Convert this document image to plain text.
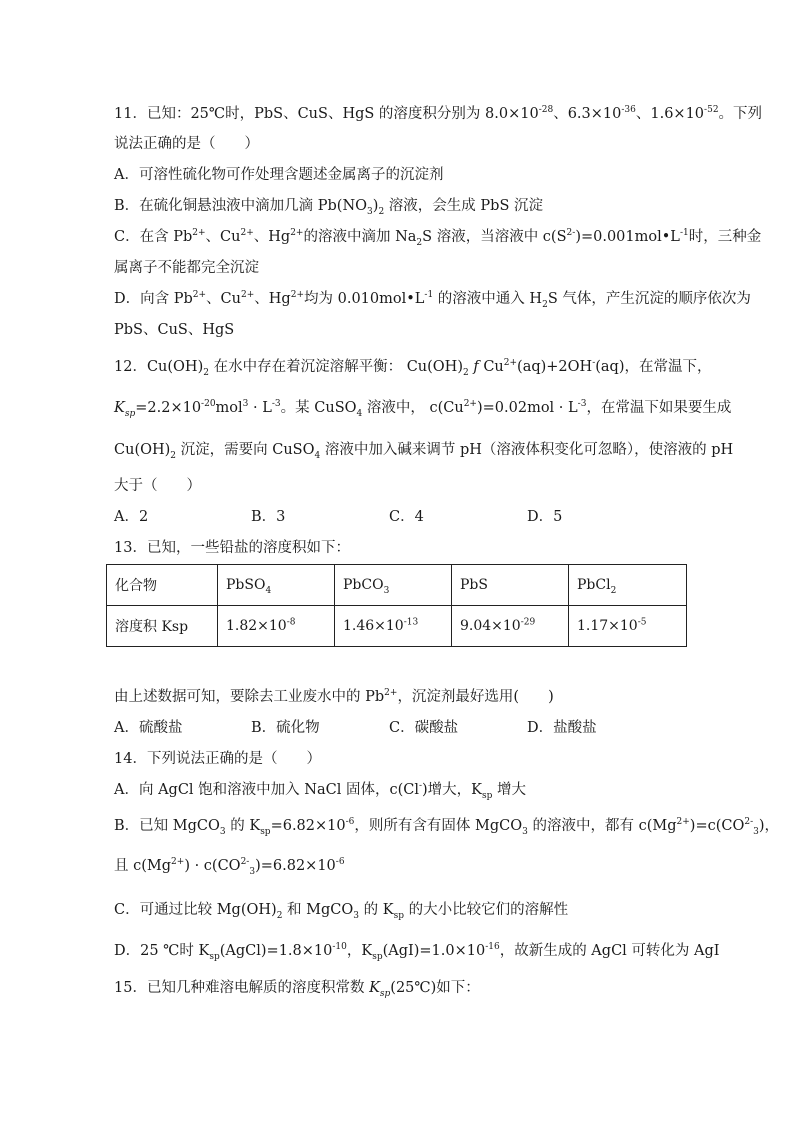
11．已知：25℃时，PbS、CuS、HgS 的溶度积分别为 $8.0\times 10^{-28}$、$6.3\times 10^{-36}$、$1.6\times 10^{-52}$。下列
说法正确的是（　　）
A．可溶性硫化物可作处理含题述金属离子的沉淀剂
B．在硫化铜悬浊液中滴加几滴 $Pb(NO_3)_2$ 溶液，会生成 PbS 沉淀
C．在含 $Pb^{2+}$、$Cu^{2+}$、$Hg^{2+}$的溶液中滴加 $Na_2S$ 溶液，当溶液中 $c(S^{2-})=0.001mol•L^{-1}$时，三种金
属离子不能都完全沉淀
D．向含 $Pb^{2+}$、$Cu^{2+}$、$Hg^{2+}$均为 $0.010mol•L^{-1}$ 的溶液中通入 $H_2S$ 气体，产生沉淀的顺序依次为
PbS、CuS、HgS
12．$Cu(OH)_2$ 在水中存在着沉淀溶解平衡： $Cu(OH)_2$ f $Cu^{2+}(aq)+2OH^-(aq)$，在常温下，
$K_{sp}=2.2\times 10^{-20}mol^3 \cdot L^{-3}$。某 CuSO$_4$ 溶液中， $c(Cu^{2+})=0.02mol \cdot L^{-3}$，在常温下如果要生成
$Cu(OH)_2$ 沉淀，需要向 CuSO$_4$ 溶液中加入碱来调节 pH（溶液体积变化可忽略），使溶液的 pH
大于（　　）
A．2	B．3	C．4	D．5
13．已知，一些铅盐的溶度积如下：
化合物	PbSO$_4$	PbCO$_3$	PbS	PbCl$_2$
溶度积 Ksp	$1.82\times 10^{-8}$	$1.46\times 10^{-13}$	$9.04\times 10^{-29}$	$1.17\times 10^{-5}$
由上述数据可知，要除去工业废水中的 $Pb^{2+}$，沉淀剂最好选用(　　)
A．硫酸盐	B．硫化物	C．碳酸盐	D．盐酸盐
14．下列说法正确的是（　　）
A．向 AgCl 饱和溶液中加入 NaCl 固体，c(Cl-)增大，$K_{sp}$ 增大
B．已知 MgCO$_3$ 的 $K_{sp}=6.82\times 10^{-6}$，则所有含有固体 MgCO$_3$ 的溶液中，都有 $c(Mg^{2+})=c(CO^{2-}_3)$，
且 $c(Mg^{2+}) \cdot c(CO^{2-}_3)=6.82\times 10^{-6}$
C．可通过比较 $Mg(OH)_2$ 和 MgCO$_3$ 的 $K_{sp}$ 的大小比较它们的溶解性
D．25 ℃时 $K_{sp}(AgCl)=1.8\times 10^{-10}$，$K_{sp}(AgI)=1.0\times 10^{-16}$，故新生成的 AgCl 可转化为 AgI
15．已知几种难溶电解质的溶度积常数 $K_{sp}(25℃)$如下：
